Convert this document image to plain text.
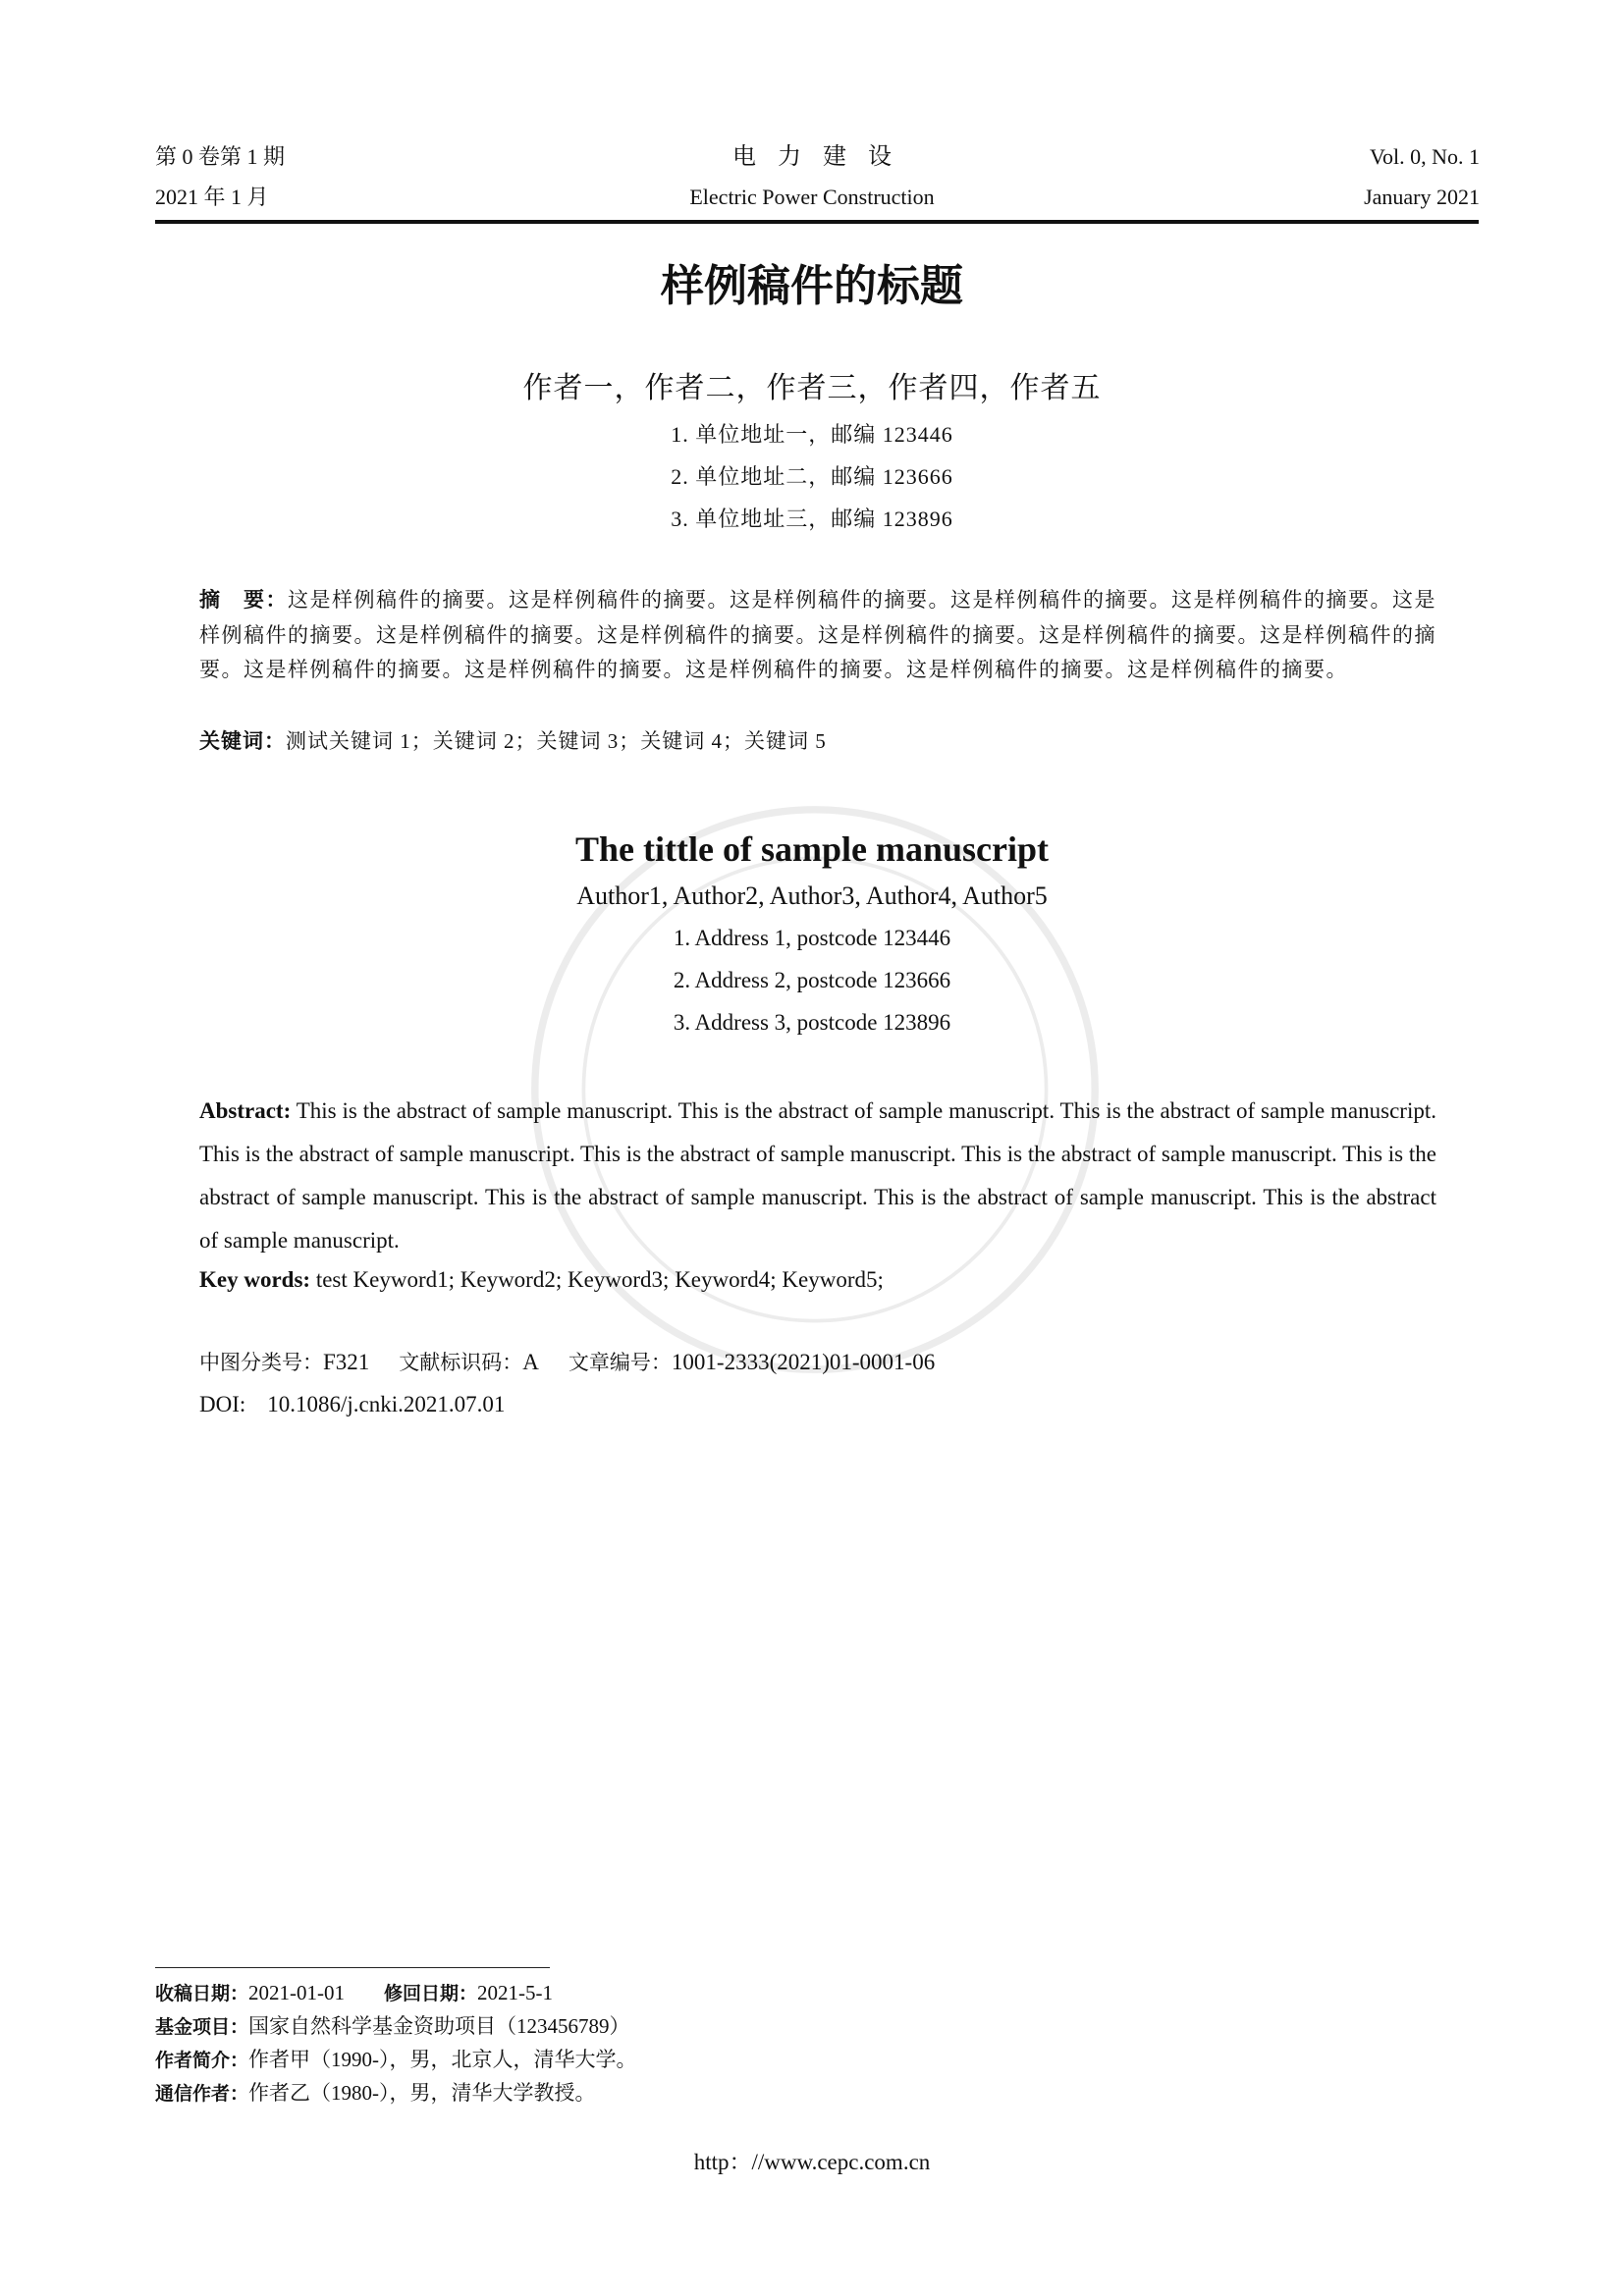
第 0 卷第 1 期
2021 年 1 月
电力建设
Electric Power Construction
Vol. 0, No. 1
January 2021
样例稿件的标题
作者一，作者二，作者三，作者四，作者五
1. 单位地址一，邮编 123446
2. 单位地址二，邮编 123666
3. 单位地址三，邮编 123896
摘　要：这是样例稿件的摘要。这是样例稿件的摘要。这是样例稿件的摘要。这是样例稿件的摘要。这是样例稿件的摘要。这是样例稿件的摘要。这是样例稿件的摘要。这是样例稿件的摘要。这是样例稿件的摘要。这是样例稿件的摘要。这是样例稿件的摘要。这是样例稿件的摘要。这是样例稿件的摘要。这是样例稿件的摘要。这是样例稿件的摘要。这是样例稿件的摘要。
关键词：测试关键词 1；关键词 2；关键词 3；关键词 4；关键词 5
The tittle of sample manuscript
Author1, Author2, Author3, Author4, Author5
1. Address 1, postcode 123446
2. Address 2, postcode 123666
3. Address 3, postcode 123896
Abstract: This is the abstract of sample manuscript. This is the abstract of sample manuscript. This is the abstract of sample manuscript. This is the abstract of sample manuscript. This is the abstract of sample manuscript. This is the abstract of sample manuscript. This is the abstract of sample manuscript. This is the abstract of sample manuscript. This is the abstract of sample manuscript. This is the abstract of sample manuscript.
Key words: test Keyword1; Keyword2; Keyword3; Keyword4; Keyword5;
中图分类号：F321 文献标识码：A 文章编号：1001-2333(2021)01-0001-06
DOI: 10.1086/j.cnki.2021.07.01
收稿日期：2021-01-01 修回日期：2021-5-1
基金项目：国家自然科学基金资助项目（123456789）
作者简介：作者甲（1990-），男，北京人，清华大学。
通信作者：作者乙（1980-），男，清华大学教授。
http：//www.cepc.com.cn
